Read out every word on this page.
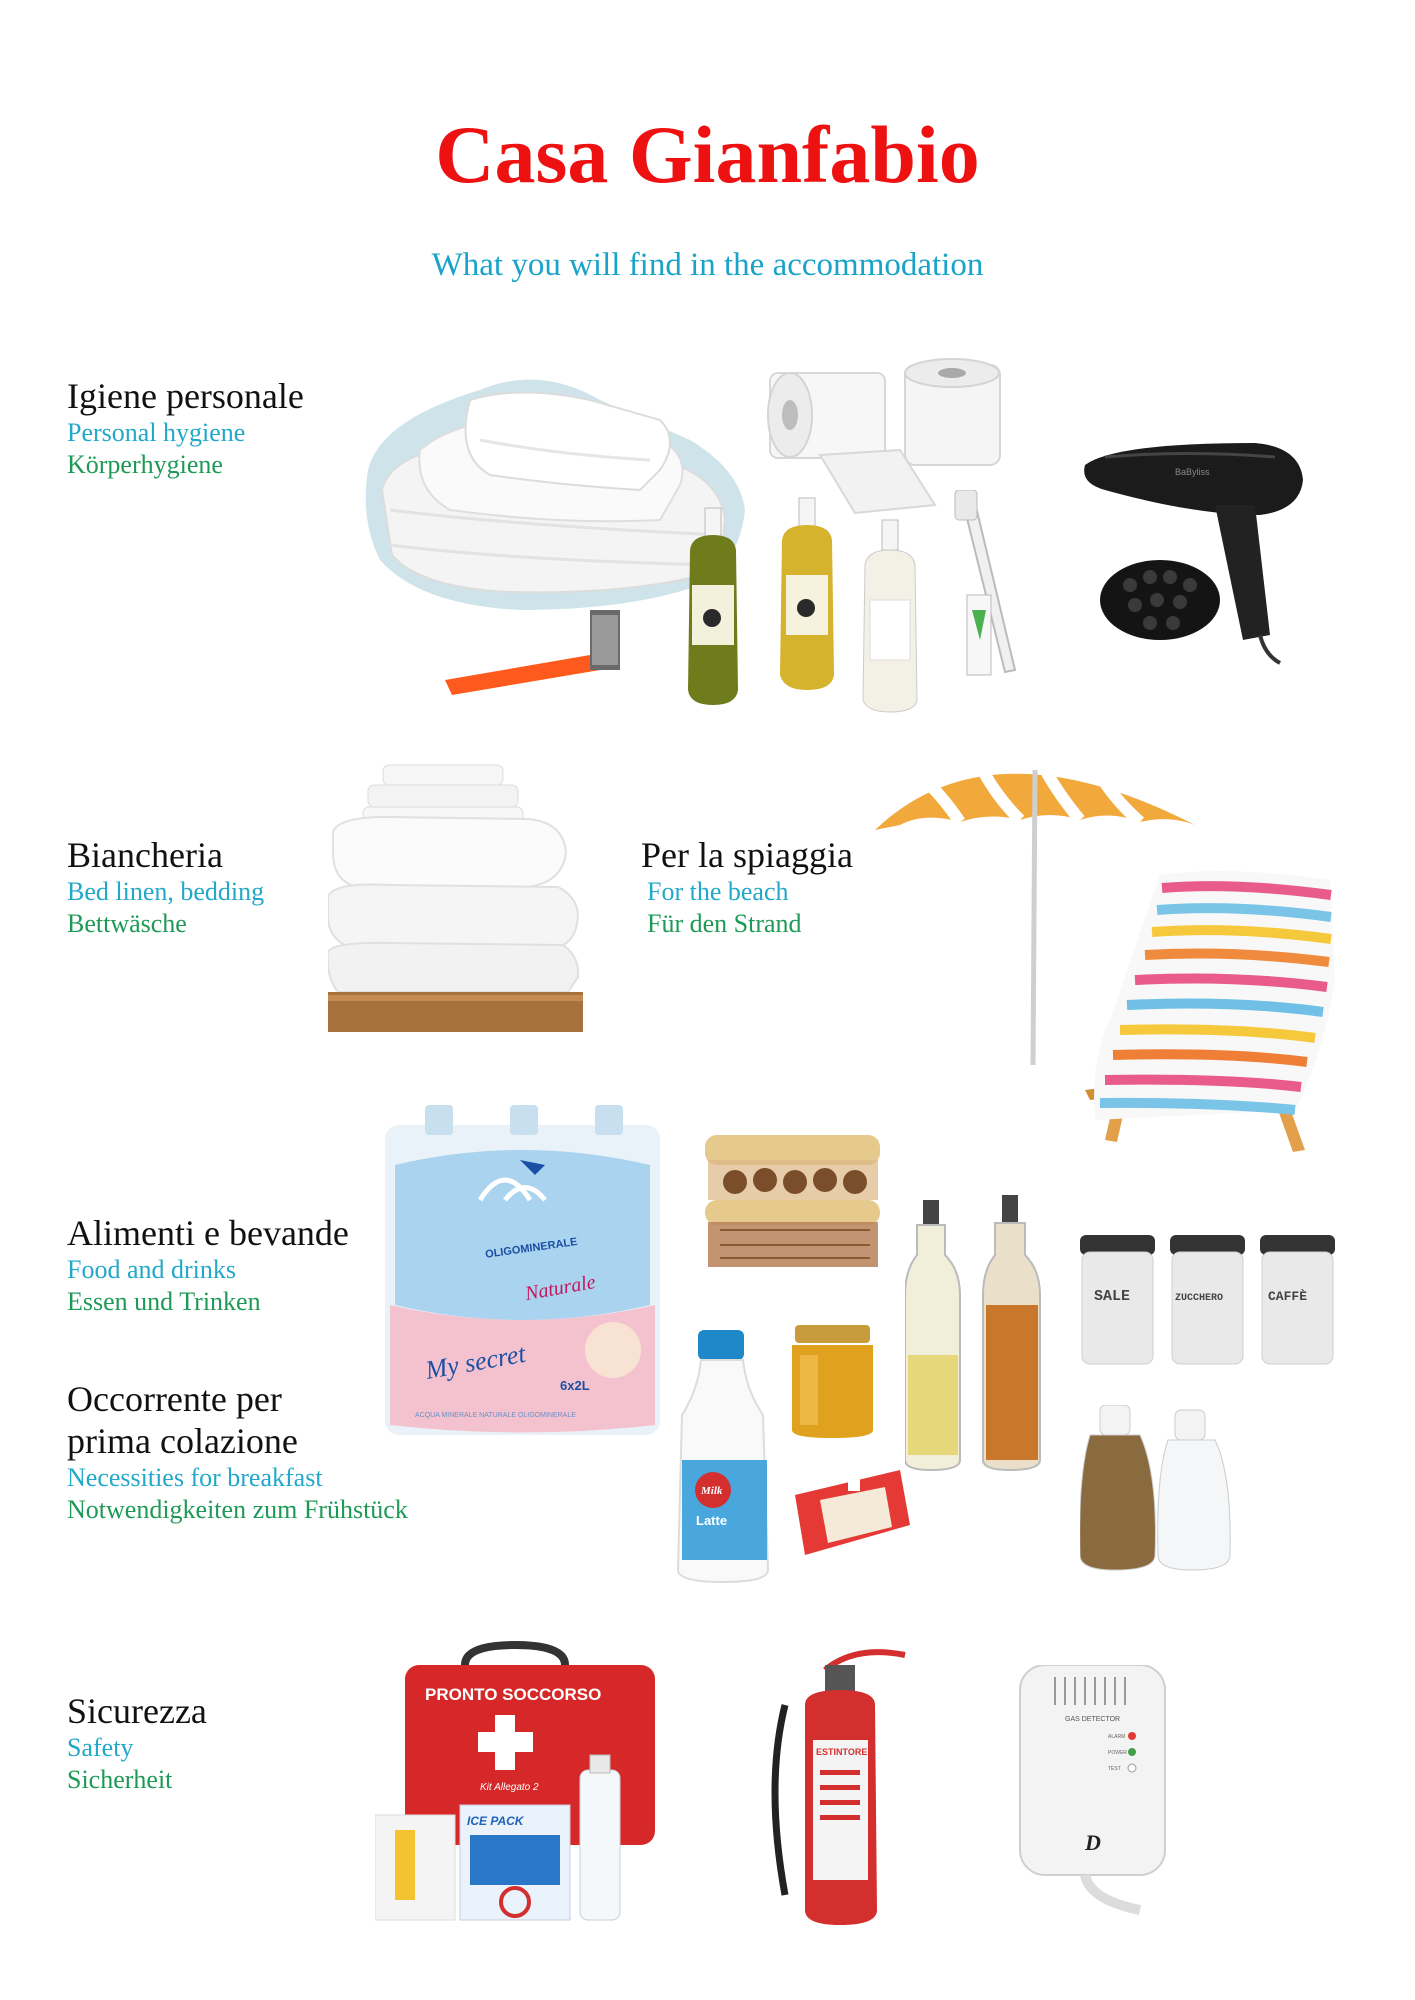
Casa Gianfabio
What you will find in the accommodation
Igiene personale
Personal hygiene
Körperhygiene	BaByliss
Biancheria
Bed linen, bedding
Bettwäsche
Per la spiaggia
For the beach
Für den Strand
Alimenti e bevande
Food and drinks
Essen und Trinken
Occorrente per
prima colazione
Necessities for breakfast
Notwendigkeiten zum Frühstück
OLIGOMINERALE
Naturale
My secret
6x2L
ACQUA MINERALE NATURALE OLIGOMINERALE
Milk
Latte
SALE	ZUCCHERO	CAFFÈ
Sicurezza
Safety
Sicherheit
PRONTO SOCCORSO
Kit Allegato 2
ICE PACK
ESTINTORE
GAS DETECTOR
ALARM
POWER
TEST
D
